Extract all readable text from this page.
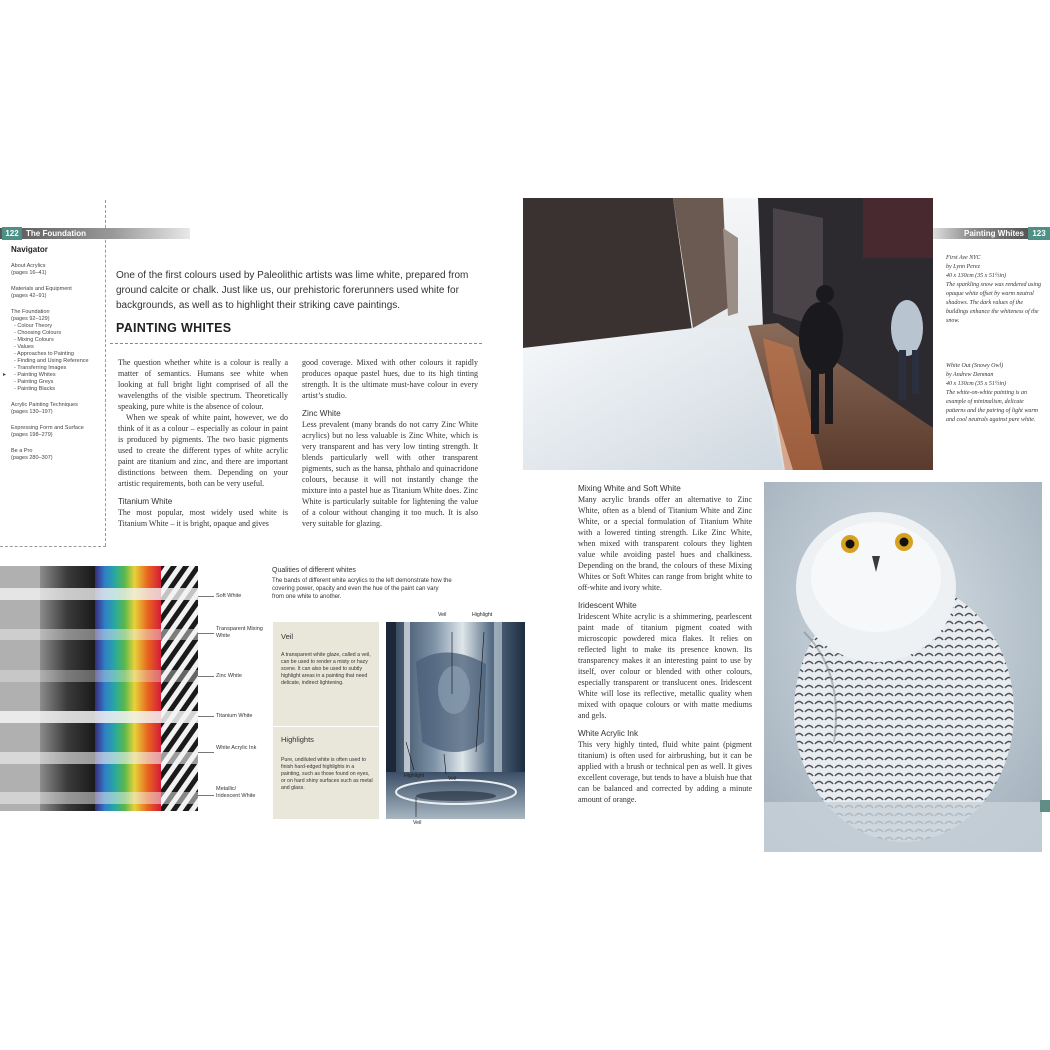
122 The Foundation	Painting Whites	123
Navigator
About Acrylics
(pages 16–41)
Materials and Equipment
(pages 42–91)
The Foundation
(pages 92–129)
- Colour Theory
- Choosing Colours
- Mixing Colours
- Values
- Approaches to Painting
- Finding and Using Reference
- Transferring Images
▸ - Painting Whites
- Painting Greys
- Painting Blacks
Acrylic Painting Techniques
(pages 130–197)
Expressing Form and Surface
(pages 198–279)
Be a Pro
(pages 280–307)
One of the first colours used by Paleolithic artists was lime white, prepared from ground calcite or chalk. Just like us, our prehistoric forerunners used white for backgrounds, as well as to highlight their striking cave paintings.
PAINTING WHITES

The question whether white is a colour is really a matter of semantics. Humans see white when looking at full bright light comprised of all the wavelengths of the visible spectrum. Theoretically speaking, pure white is the absence of colour.

When we speak of white paint, however, we do think of it as a colour – especially as colour in paint is produced by pigments. The two basic pigments used to create the different types of white acrylic paint are titanium and zinc, and there are important distinctions between them. Depending on your artistic requirements, both can be very useful.

Titanium White

The most popular, most widely used white is Titanium White – it is bright, opaque and gives

good coverage. Mixed with other colours it rapidly produces opaque pastel hues, due to its high tinting strength. It is the ultimate must-have colour in every artist’s studio.

Zinc White

Less prevalent (many brands do not carry Zinc White acrylics) but no less valuable is Zinc White, which is very transparent and has very low tinting strength. It blends particularly well with other transparent pigments, such as the hansa, phthalo and quinacridone colours, because it will not instantly change the mixture into a pastel hue as Titanium White does. Zinc White is particularly suitable for lightening the value of a colour without changing it too much. It is also very suitable for glazing.

Soft White
Transparent Mixing White
Zinc White
Titanium White
White Acrylic Ink
Metallic/ Iridescent White
Qualities of different whites
The bands of different white acrylics to the left demonstrate how the covering power, opacity and even the hue of the paint can vary from one white to another.
Veil
A transparent white glaze, called a veil, can be used to render a misty or hazy scene. It can also be used to subtly highlight areas in a painting that need delicate, indirect lightening.
Highlights
Pure, undiluted white is often used to finish hard-edged highlights in a painting, such as those found on eyes, or on hard shiny surfaces such as metal and glass.
Veil	Highlight
Highlight	Veil
Veil
First Ave NYC
by Lynn Perez
40 x 130cm (35 x 51½in)
The sparkling snow was rendered using opaque white offset by warm neutral shadows. The dark values of the buildings enhance the whiteness of the snow.
White Out (Snowy Owl)
by Andrew Denman
40 x 130cm (35 x 51½in)
The white-on-white painting is an example of minimalism, delicate patterns and the pairing of light warm and cool neutrals against pure white.

Mixing White and Soft White

Many acrylic brands offer an alternative to Zinc White, often as a blend of Titanium White and Zinc White, or a special formulation of Titanium White with a lowered tinting strength. Like Zinc White, when mixed with transparent colours they lighten value while avoiding pastel hues and chalkiness. Depending on the brand, the colours of these Mixing Whites or Soft Whites can range from bright white to off-white and ivory white.

Iridescent White

Iridescent White acrylic is a shimmering, pearlescent paint made of titanium pigment coated with microscopic powdered mica flakes. It relies on reflected light to make its presence known. Its transparency makes it an interesting paint to use by itself, over colour or blended with other colours, especially transparent or translucent ones. Iridescent White will lose its reflective, metallic quality when mixed with opaque colours or with matte mediums and gels.

White Acrylic Ink

This very highly tinted, fluid white paint (pigment titanium) is often used for airbrushing, but it can be applied with a brush or technical pen as well. It gives excellent coverage, but tends to have a bluish hue that can be balanced and corrected by adding a minute amount of orange.
